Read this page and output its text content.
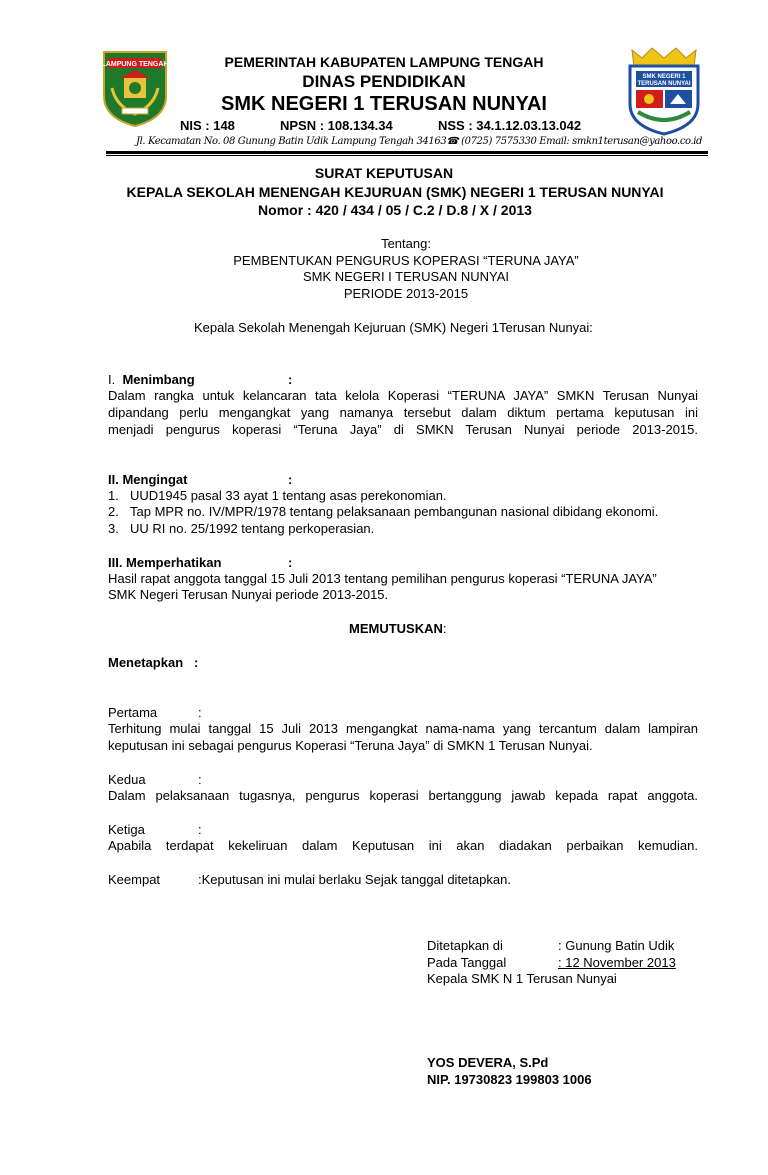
LAMPUNG TENGAH
SMK NEGERI 1
TERUSAN NUNYAI
PEMERINTAH KABUPATEN LAMPUNG TENGAH
DINAS PENDIDIKAN
SMK NEGERI 1 TERUSAN NUNYAI
NIS : 148	NPSN : 108.134.34	NSS : 34.1.12.03.13.042
Jl. Kecamatan No. 08 Gunung Batin Udik Lampung Tengah 34163☎ (0725) 7575330 Email: smkn1terusan@yahoo.co.id
SURAT KEPUTUSAN
KEPALA SEKOLAH MENENGAH KEJURUAN (SMK) NEGERI 1 TERUSAN NUNYAI
Nomor : 420 / 434 / 05 / C.2 / D.8 / X / 2013
Tentang:
PEMBENTUKAN PENGURUS KOPERASI “TERUNA JAYA”
SMK NEGERI I TERUSAN NUNYAI
PERIODE 2013-2015
Kepala Sekolah Menengah Kejuruan (SMK) Negeri 1Terusan Nunyai:
I. Menimbang	:
Dalam rangka untuk kelancaran tata kelola Koperasi “TERUNA JAYA” SMKN Terusan Nunyai
dipandang perlu mengangkat yang namanya tersebut dalam diktum pertama keputusan ini
menjadi pengurus koperasi “Teruna Jaya” di SMKN Terusan Nunyai periode 2013-2015.
II. Mengingat	:
1. UUD1945 pasal 33 ayat 1 tentang asas perekonomian.
2. Tap MPR no. IV/MPR/1978 tentang pelaksanaan pembangunan nasional dibidang ekonomi.
3. UU RI no. 25/1992 tentang perkoperasian.
III. Memperhatikan	:
Hasil rapat anggota tanggal 15 Juli 2013 tentang pemilihan pengurus koperasi “TERUNA JAYA”
SMK Negeri Terusan Nunyai periode 2013-2015.
MEMUTUSKAN:
Menetapkan :
Pertama	:
Terhitung mulai tanggal 15 Juli 2013 mengangkat nama-nama yang tercantum dalam lampiran
keputusan ini sebagai pengurus Koperasi “Teruna Jaya” di SMKN 1 Terusan Nunyai.
Kedua	:
Dalam pelaksanaan tugasnya, pengurus koperasi bertanggung jawab kepada rapat anggota.
Ketiga	:
Apabila terdapat kekeliruan dalam Keputusan ini akan diadakan perbaikan kemudian.
Keempat	:Keputusan ini mulai berlaku Sejak tanggal ditetapkan.
Ditetapkan di	: Gunung Batin Udik
Pada Tanggal	: 12 November 2013
Kepala SMK N 1 Terusan Nunyai
YOS DEVERA, S.Pd
NIP. 19730823 199803 1006
